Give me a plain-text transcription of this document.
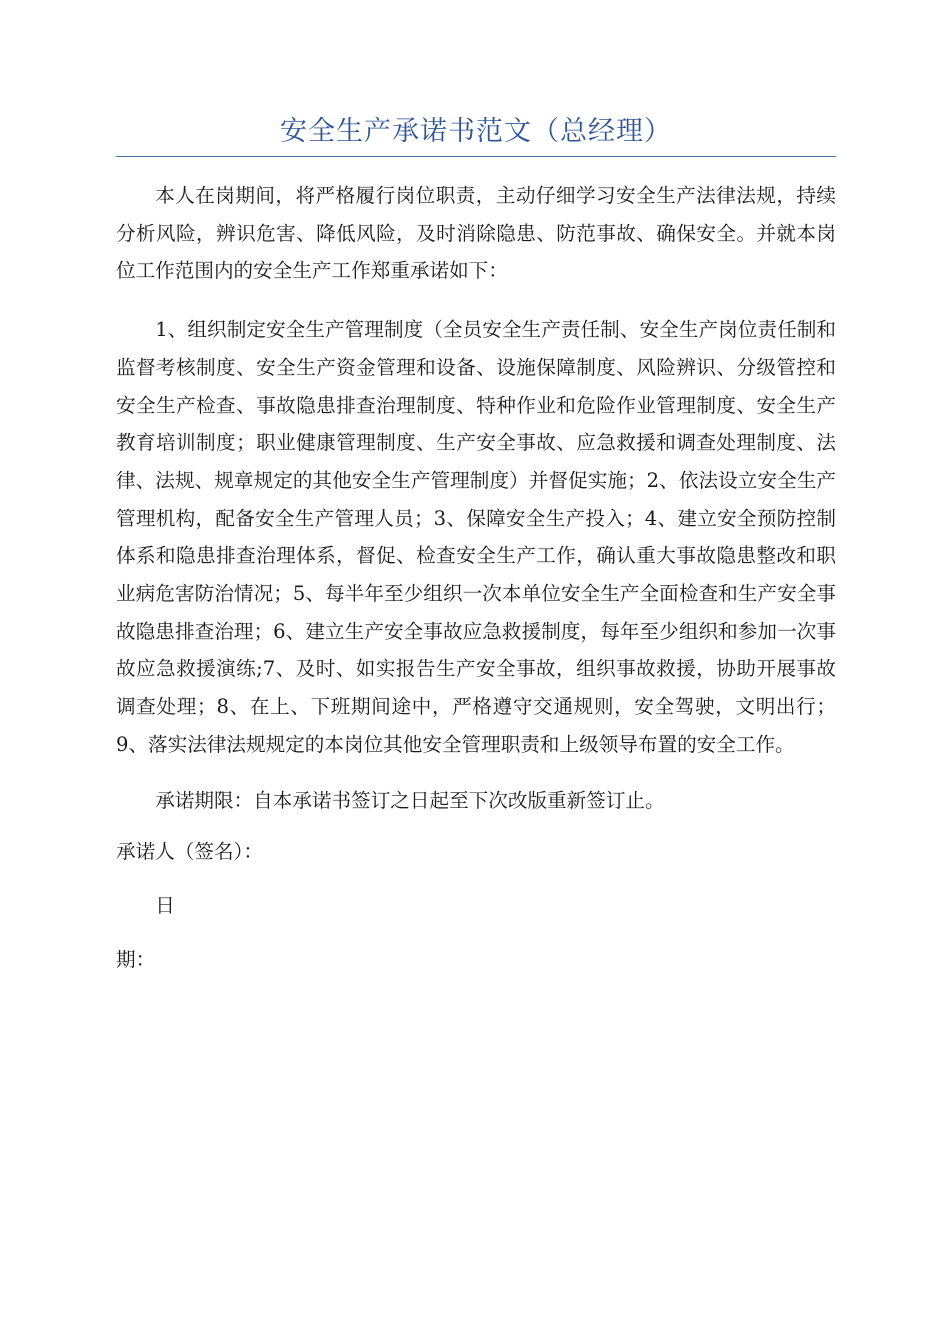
安全生产承诺书范文（总经理）

本人在岗期间，将严格履行岗位职责，主动仔细学习安全生产法律法规，持续分析风险，辨识危害、降低风险，及时消除隐患、防范事故、确保安全。并就本岗位工作范围内的安全生产工作郑重承诺如下：

1、组织制定安全生产管理制度（全员安全生产责任制、安全生产岗位责任制和监督考核制度、安全生产资金管理和设备、设施保障制度、风险辨识、分级管控和安全生产检查、事故隐患排查治理制度、特种作业和危险作业管理制度、安全生产教育培训制度；职业健康管理制度、生产安全事故、应急救援和调查处理制度、法律、法规、规章规定的其他安全生产管理制度）并督促实施；2、依法设立安全生产管理机构，配备安全生产管理人员；3、保障安全生产投入；4、建立安全预防控制体系和隐患排查治理体系，督促、检查安全生产工作，确认重大事故隐患整改和职业病危害防治情况；5、每半年至少组织一次本单位安全生产全面检查和生产安全事故隐患排查治理；6、建立生产安全事故应急救援制度，每年至少组织和参加一次事故应急救援演练;7、及时、如实报告生产安全事故，组织事故救援，协助开展事故调查处理；8、在上、下班期间途中，严格遵守交通规则，安全驾驶，文明出行；9、落实法律法规规定的本岗位其他安全管理职责和上级领导布置的安全工作。

承诺期限：自本承诺书签订之日起至下次改版重新签订止。

承诺人（签名）：

日

期：
